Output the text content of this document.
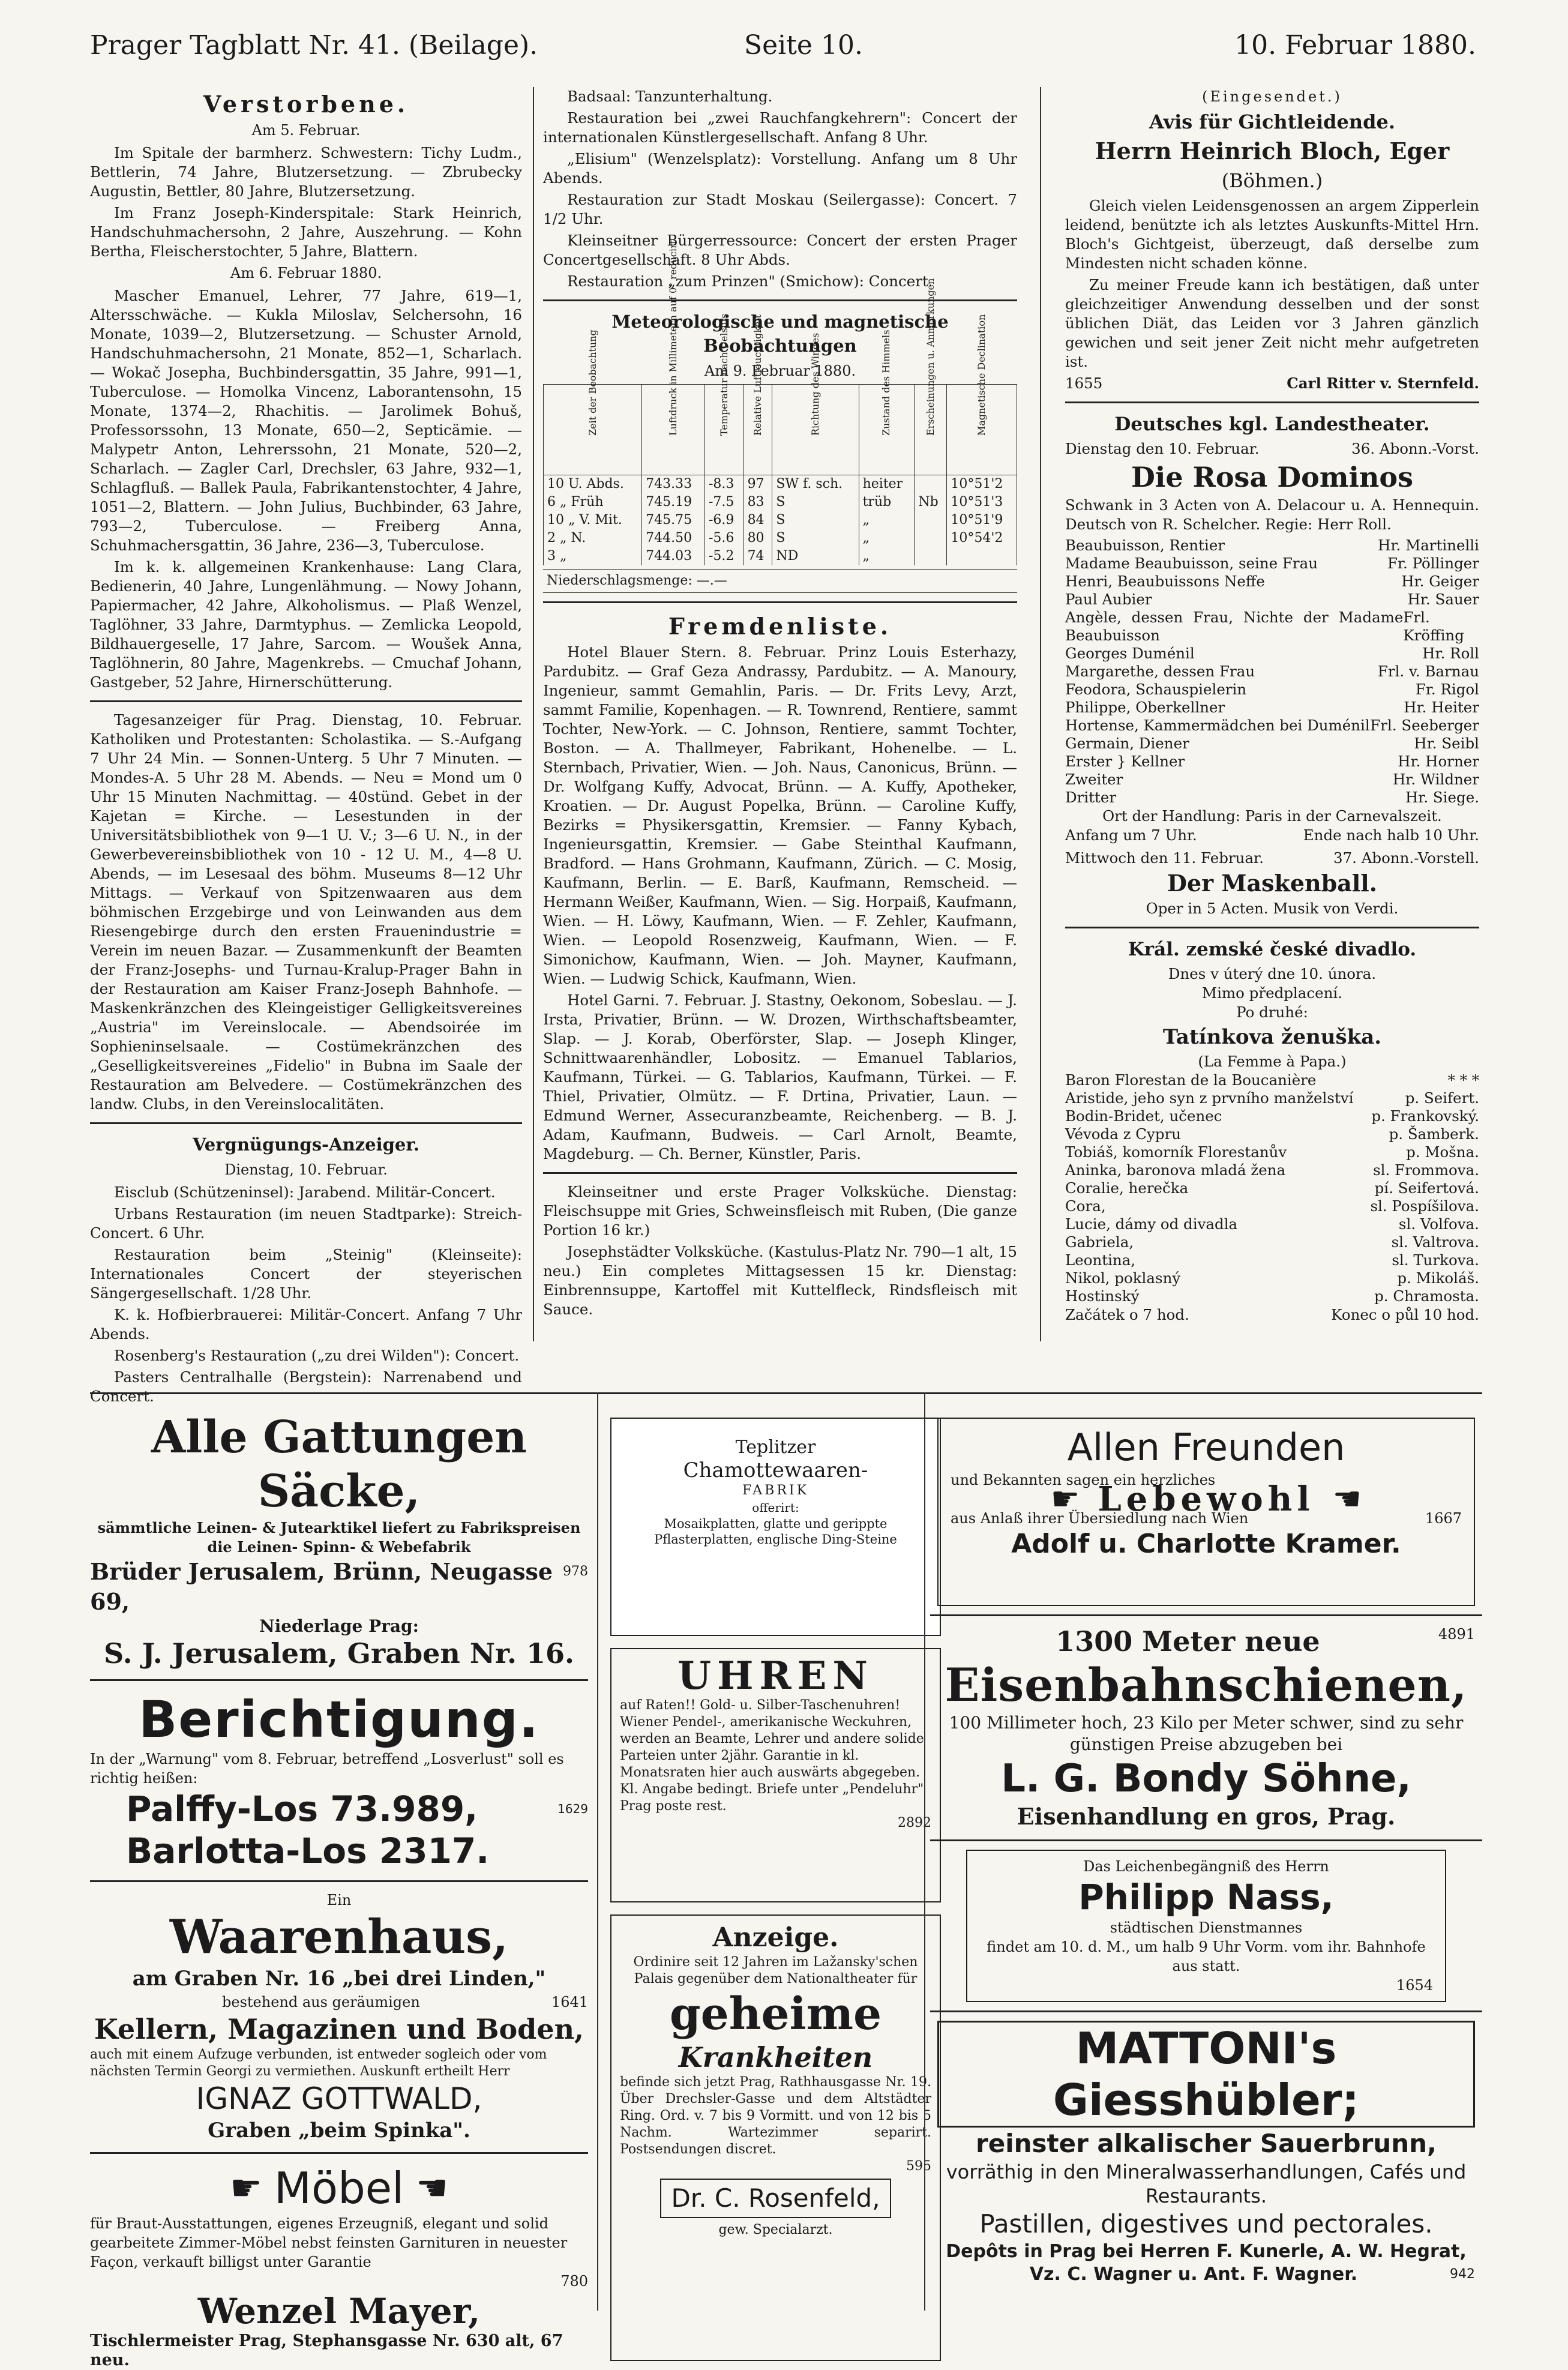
Prager Tagblatt Nr. 41. (Beilage).	Seite 10.	10. Februar 1880.
Verstorbene.
Am 5. Februar.

Im Spitale der barmherz. Schwestern: Tichy Ludm., Bettlerin, 74 Jahre, Blutzersetzung. — Zbrubecky Augustin, Bettler, 80 Jahre, Blutzersetzung.

Im Franz Joseph-Kinderspitale: Stark Heinrich, Handschuhmachersohn, 2 Jahre, Auszehrung. — Kohn Bertha, Fleischerstochter, 5 Jahre, Blattern.

Am 6. Februar 1880.

Mascher Emanuel, Lehrer, 77 Jahre, 619—1, Altersschwäche. — Kukla Miloslav, Selchersohn, 16 Monate, 1039—2, Blutzersetzung. — Schuster Arnold, Handschuhmachersohn, 21 Monate, 852—1, Scharlach. — Wokač Josepha, Buchbindersgattin, 35 Jahre, 991—1, Tuberculose. — Homolka Vincenz, Laborantensohn, 15 Monate, 1374—2, Rhachitis. — Jarolimek Bohuš, Professorssohn, 13 Monate, 650—2, Septicämie. — Malypetr Anton, Lehrerssohn, 21 Monate, 520—2, Scharlach. — Zagler Carl, Drechsler, 63 Jahre, 932—1, Schlagfluß. — Ballek Paula, Fabrikantenstochter, 4 Jahre, 1051—2, Blattern. — John Julius, Buchbinder, 63 Jahre, 793—2, Tuberculose. — Freiberg Anna, Schuhmachersgattin, 36 Jahre, 236—3, Tuberculose.

Im k. k. allgemeinen Krankenhause: Lang Clara, Bedienerin, 40 Jahre, Lungenlähmung. — Nowy Johann, Papiermacher, 42 Jahre, Alkoholismus. — Plaß Wenzel, Taglöhner, 33 Jahre, Darmtyphus. — Zemlicka Leopold, Bildhauergeselle, 17 Jahre, Sarcom. — Woušek Anna, Taglöhnerin, 80 Jahre, Magenkrebs. — Cmuchaf Johann, Gastgeber, 52 Jahre, Hirnerschütterung.

Tagesanzeiger für Prag. Dienstag, 10. Februar. Katholiken und Protestanten: Scholastika. — S.-Aufgang 7 Uhr 24 Min. — Sonnen-Unterg. 5 Uhr 7 Minuten. — Mondes-A. 5 Uhr 28 M. Abends. — Neu = Mond um 0 Uhr 15 Minuten Nachmittag. — 40stünd. Gebet in der Kajetan = Kirche. — Lesestunden in der Universitätsbibliothek von 9—1 U. V.; 3—6 U. N., in der Gewerbevereinsbibliothek von 10 - 12 U. M., 4—8 U. Abends, — im Lesesaal des böhm. Museums 8—12 Uhr Mittags. — Verkauf von Spitzenwaaren aus dem böhmischen Erzgebirge und von Leinwanden aus dem Riesengebirge durch den ersten Frauenindustrie = Verein im neuen Bazar. — Zusammenkunft der Beamten der Franz-Josephs- und Turnau-Kralup-Prager Bahn in der Restauration am Kaiser Franz-Joseph Bahnhofe. — Maskenkränzchen des Kleingeistiger Gelligkeitsvereines „Austria" im Vereinslocale. — Abendsoirée im Sophieninselsaale. — Costümekränzchen des „Geselligkeitsvereines „Fidelio" in Bubna im Saale der Restauration am Belvedere. — Costümekränzchen des landw. Clubs, in den Vereinslocalitäten.

Vergnügungs-Anzeiger.
Dienstag, 10. Februar.

Eisclub (Schützeninsel): Jarabend. Militär-Concert.

Urbans Restauration (im neuen Stadtparke): Streich-Concert. 6 Uhr.

Restauration beim „Steinig" (Kleinseite): Internationales Concert der steyerischen Sängergesellschaft. 1/28 Uhr.

K. k. Hofbierbrauerei: Militär-Concert. Anfang 7 Uhr Abends.

Rosenberg's Restauration („zu drei Wilden"): Concert.

Pasters Centralhalle (Bergstein): Narrenabend und Concert.

Badsaal: Tanzunterhaltung.

Restauration bei „zwei Rauchfangkehrern": Concert der internationalen Künstlergesellschaft. Anfang 8 Uhr.

„Elisium" (Wenzelsplatz): Vorstellung. Anfang um 8 Uhr Abends.

Restauration zur Stadt Moskau (Seilergasse): Concert. 7 1/2 Uhr.

Kleinseitner Bürgerressource: Concert der ersten Prager Concertgesellschaft. 8 Uhr Abds.

Restauration „zum Prinzen" (Smichow): Concert.

Meteorologische und magnetische Beobachtungen
Am 9. Februar 1880.
Zeit der Beobachtung	Luftdruck in Millimetern auf 0° reducirt	Temperatur nach Celsius	Relative Luftfeuchtigkeit	Richtung des Windes	Zustand des Himmels	Erscheinungen u. Anmerkungen	Magnetische Declination

10 U. Abds.	743.33	-8.3	97	SW f. sch.	heiter		10°51'2
6 „ Früh	745.19	-7.5	83	S	trüb	Nb	10°51'3
10 „ V. Mit.	745.75	-6.9	84	S	„		10°51'9
2 „ N.	744.50	-5.6	80	S	„		10°54'2
3 „	744.03	-5.2	74	ND	„		
Niederschlagsmenge: —.—
Fremdenliste.

Hotel Blauer Stern. 8. Februar. Prinz Louis Esterhazy, Pardubitz. — Graf Geza Andrassy, Pardubitz. — A. Manoury, Ingenieur, sammt Gemahlin, Paris. — Dr. Frits Levy, Arzt, sammt Familie, Kopenhagen. — R. Townrend, Rentiere, sammt Tochter, New-York. — C. Johnson, Rentiere, sammt Tochter, Boston. — A. Thallmeyer, Fabrikant, Hohenelbe. — L. Sternbach, Privatier, Wien. — Joh. Naus, Canonicus, Brünn. — Dr. Wolfgang Kuffy, Advocat, Brünn. — A. Kuffy, Apotheker, Kroatien. — Dr. August Popelka, Brünn. — Caroline Kuffy, Bezirks = Physikersgattin, Kremsier. — Fanny Kybach, Ingenieursgattin, Kremsier. — Gabe Steinthal Kaufmann, Bradford. — Hans Grohmann, Kaufmann, Zürich. — C. Mosig, Kaufmann, Berlin. — E. Barß, Kaufmann, Remscheid. — Hermann Weißer, Kaufmann, Wien. — Sig. Horpaiß, Kaufmann, Wien. — H. Löwy, Kaufmann, Wien. — F. Zehler, Kaufmann, Wien. — Leopold Rosenzweig, Kaufmann, Wien. — F. Simonichow, Kaufmann, Wien. — Joh. Mayner, Kaufmann, Wien. — Ludwig Schick, Kaufmann, Wien.

Hotel Garni. 7. Februar. J. Stastny, Oekonom, Sobeslau. — J. Irsta, Privatier, Brünn. — W. Drozen, Wirthschaftsbeamter, Slap. — J. Korab, Oberförster, Slap. — Joseph Klinger, Schnittwaarenhändler, Lobositz. — Emanuel Tablarios, Kaufmann, Türkei. — G. Tablarios, Kaufmann, Türkei. — F. Thiel, Privatier, Olmütz. — F. Drtina, Privatier, Laun. — Edmund Werner, Assecuranzbeamte, Reichenberg. — B. J. Adam, Kaufmann, Budweis. — Carl Arnolt, Beamte, Magdeburg. — Ch. Berner, Künstler, Paris.

Kleinseitner und erste Prager Volksküche. Dienstag: Fleischsuppe mit Gries, Schweinsfleisch mit Ruben, (Die ganze Portion 16 kr.)

Josephstädter Volksküche. (Kastulus-Platz Nr. 790—1 alt, 15 neu.) Ein completes Mittagsessen 15 kr. Dienstag: Einbrennsuppe, Kartoffel mit Kuttelfleck, Rindsfleisch mit Sauce.

(Eingesendet.)
Avis für Gichtleidende.
Herrn Heinrich Bloch, Eger
(Böhmen.)

Gleich vielen Leidensgenossen an argem Zipperlein leidend, benützte ich als letztes Auskunfts-Mittel Hrn. Bloch's Gichtgeist, überzeugt, daß derselbe zum Mindesten nicht schaden könne.

Zu meiner Freude kann ich bestätigen, daß unter gleichzeitiger Anwendung desselben und der sonst üblichen Diät, das Leiden vor 3 Jahren gänzlich gewichen und seit jener Zeit nicht mehr aufgetreten ist.

1655	Carl Ritter v. Sternfeld.
Deutsches kgl. Landestheater.
Dienstag den 10. Februar.	36. Abonn.-Vorst.
Die Rosa Dominos

Schwank in 3 Acten von A. Delacour u. A. Hennequin. Deutsch von R. Schelcher. Regie: Herr Roll.

Beaubuisson, Rentier	Hr. Martinelli
Madame Beaubuisson, seine Frau	Fr. Pöllinger
Henri, Beaubuissons Neffe	Hr. Geiger
Paul Aubier	Hr. Sauer
Angèle, dessen Frau, Nichte der Madame Beaubuisson
Frl. Kröffing
Georges Duménil	Hr. Roll
Margarethe, dessen Frau	Frl. v. Barnau
Feodora, Schauspielerin	Fr. Rigol
Philippe, Oberkellner	Hr. Heiter
Hortense, Kammermädchen bei Duménil Frl. Seeberger
Germain, Diener	Hr. Seibl
Erster } Kellner	Hr. Horner
Zweiter	Hr. Wildner
Dritter	Hr. Siege.
Ort der Handlung: Paris in der Carnevalszeit.
Anfang um 7 Uhr.	Ende nach halb 10 Uhr.
Mittwoch den 11. Februar.	37. Abonn.-Vorstell.
Der Maskenball.
Oper in 5 Acten. Musik von Verdi.
Král. zemské české divadlo.
Dnes v úterý dne 10. února.
Mimo předplacení.
Po druhé:
Tatínkova ženuška.
(La Femme à Papa.)
Baron Florestan de la Boucanière	* * *
Aristide, jeho syn z prvního manželství	p. Seifert.
Bodin-Bridet, učenec	p. Frankovský.
Vévoda z Cypru	p. Šamberk.
Tobiáš, komorník Florestanův	p. Mošna.
Aninka, baronova mladá žena	sl. Frommova.
Coralie, herečka	pí. Seifertová.
Cora,	sl. Pospíšilova.
Lucie, dámy od divadla	sl. Volfova.
Gabriela,	sl. Valtrova.
Leontina,	sl. Turkova.
Nikol, poklasný	p. Mikoláš.
Hostinský	p. Chramosta.
Začátek o 7 hod.	Konec o půl 10 hod.
Alle Gattungen Säcke,
sämmtliche Leinen- & Jutearktikel liefert zu Fabrikspreisen
die Leinen- Spinn- & Webefabrik
Brüder Jerusalem, Brünn, Neugasse 69,
978
Niederlage Prag:
S. J. Jerusalem, Graben Nr. 16.
Berichtigung.

In der „Warnung" vom 8. Februar, betreffend „Losverlust" soll es richtig heißen:

Palffy-Los 73.989,	1629
Barlotta-Los 2317.
Ein
Waarenhaus,
am Graben Nr. 16 „bei drei Linden,"
bestehend aus geräumigen	1641
Kellern, Magazinen und Boden,

auch mit einem Aufzuge verbunden, ist entweder sogleich oder vom nächsten Termin Georgi zu vermiethen. Auskunft ertheilt Herr

IGNAZ GOTTWALD,
Graben „beim Spinka".
☛ Möbel ☚

für Braut-Ausstattungen, eigenes Erzeugniß, elegant und solid gearbeitete Zimmer-Möbel nebst feinsten Garnituren in neuester Façon, verkauft billigst unter Garantie

780
Wenzel Mayer,
Tischlermeister Prag, Stephansgasse Nr. 630 alt, 67 neu.
Teplitzer
Chamottewaaren-
FABRIK
offerirt:
Mosaikplatten, glatte und gerippte Pflasterplatten, englische Ding-Steine
UHREN

auf Raten!! Gold- u. Silber-Taschenuhren! Wiener Pendel-, amerikanische Weckuhren, werden an Beamte, Lehrer und andere solide Parteien unter 2jähr. Garantie in kl. Monatsraten hier auch auswärts abgegeben. Kl. Angabe bedingt. Briefe unter „Pendeluhr" Prag poste rest.

2892
Anzeige.
Ordinire seit 12 Jahren im Lažansky'schen Palais gegenüber dem Nationaltheater für
geheime
Krankheiten

befinde sich jetzt Prag, Rathhausgasse Nr. 19. Über Drechsler-Gasse und dem Altstädter Ring. Ord. v. 7 bis 9 Vormitt. und von 12 bis 5 Nachm. Wartezimmer separirt. Postsendungen discret.

595
Dr. C. Rosenfeld,
gew. Specialarzt.
Allen Freunden
und Bekannten sagen ein herzliches
☛ Lebewohl ☚
aus Anlaß ihrer Übersiedlung nach Wien	1667
Adolf u. Charlotte Kramer.
1300 Meter neue	4891
Eisenbahnschienen,

100 Millimeter hoch, 23 Kilo per Meter schwer, sind zu sehr günstigen Preise abzugeben bei

L. G. Bondy Söhne,
Eisenhandlung en gros, Prag.
Das Leichenbegängniß des Herrn
Philipp Nass,
städtischen Dienstmannes
findet am 10. d. M., um halb 9 Uhr Vorm. vom ihr. Bahnhofe aus statt.
1654
MATTONI's Giesshübler;
reinster alkalischer Sauerbrunn,
vorräthig in den Mineralwasserhandlungen, Cafés und Restaurants.
Pastillen, digestives und pectorales.
Depôts in Prag bei Herren F. Kunerle, A. W. Hegrat,
Vz. C. Wagner u. Ant. F. Wagner.	942
